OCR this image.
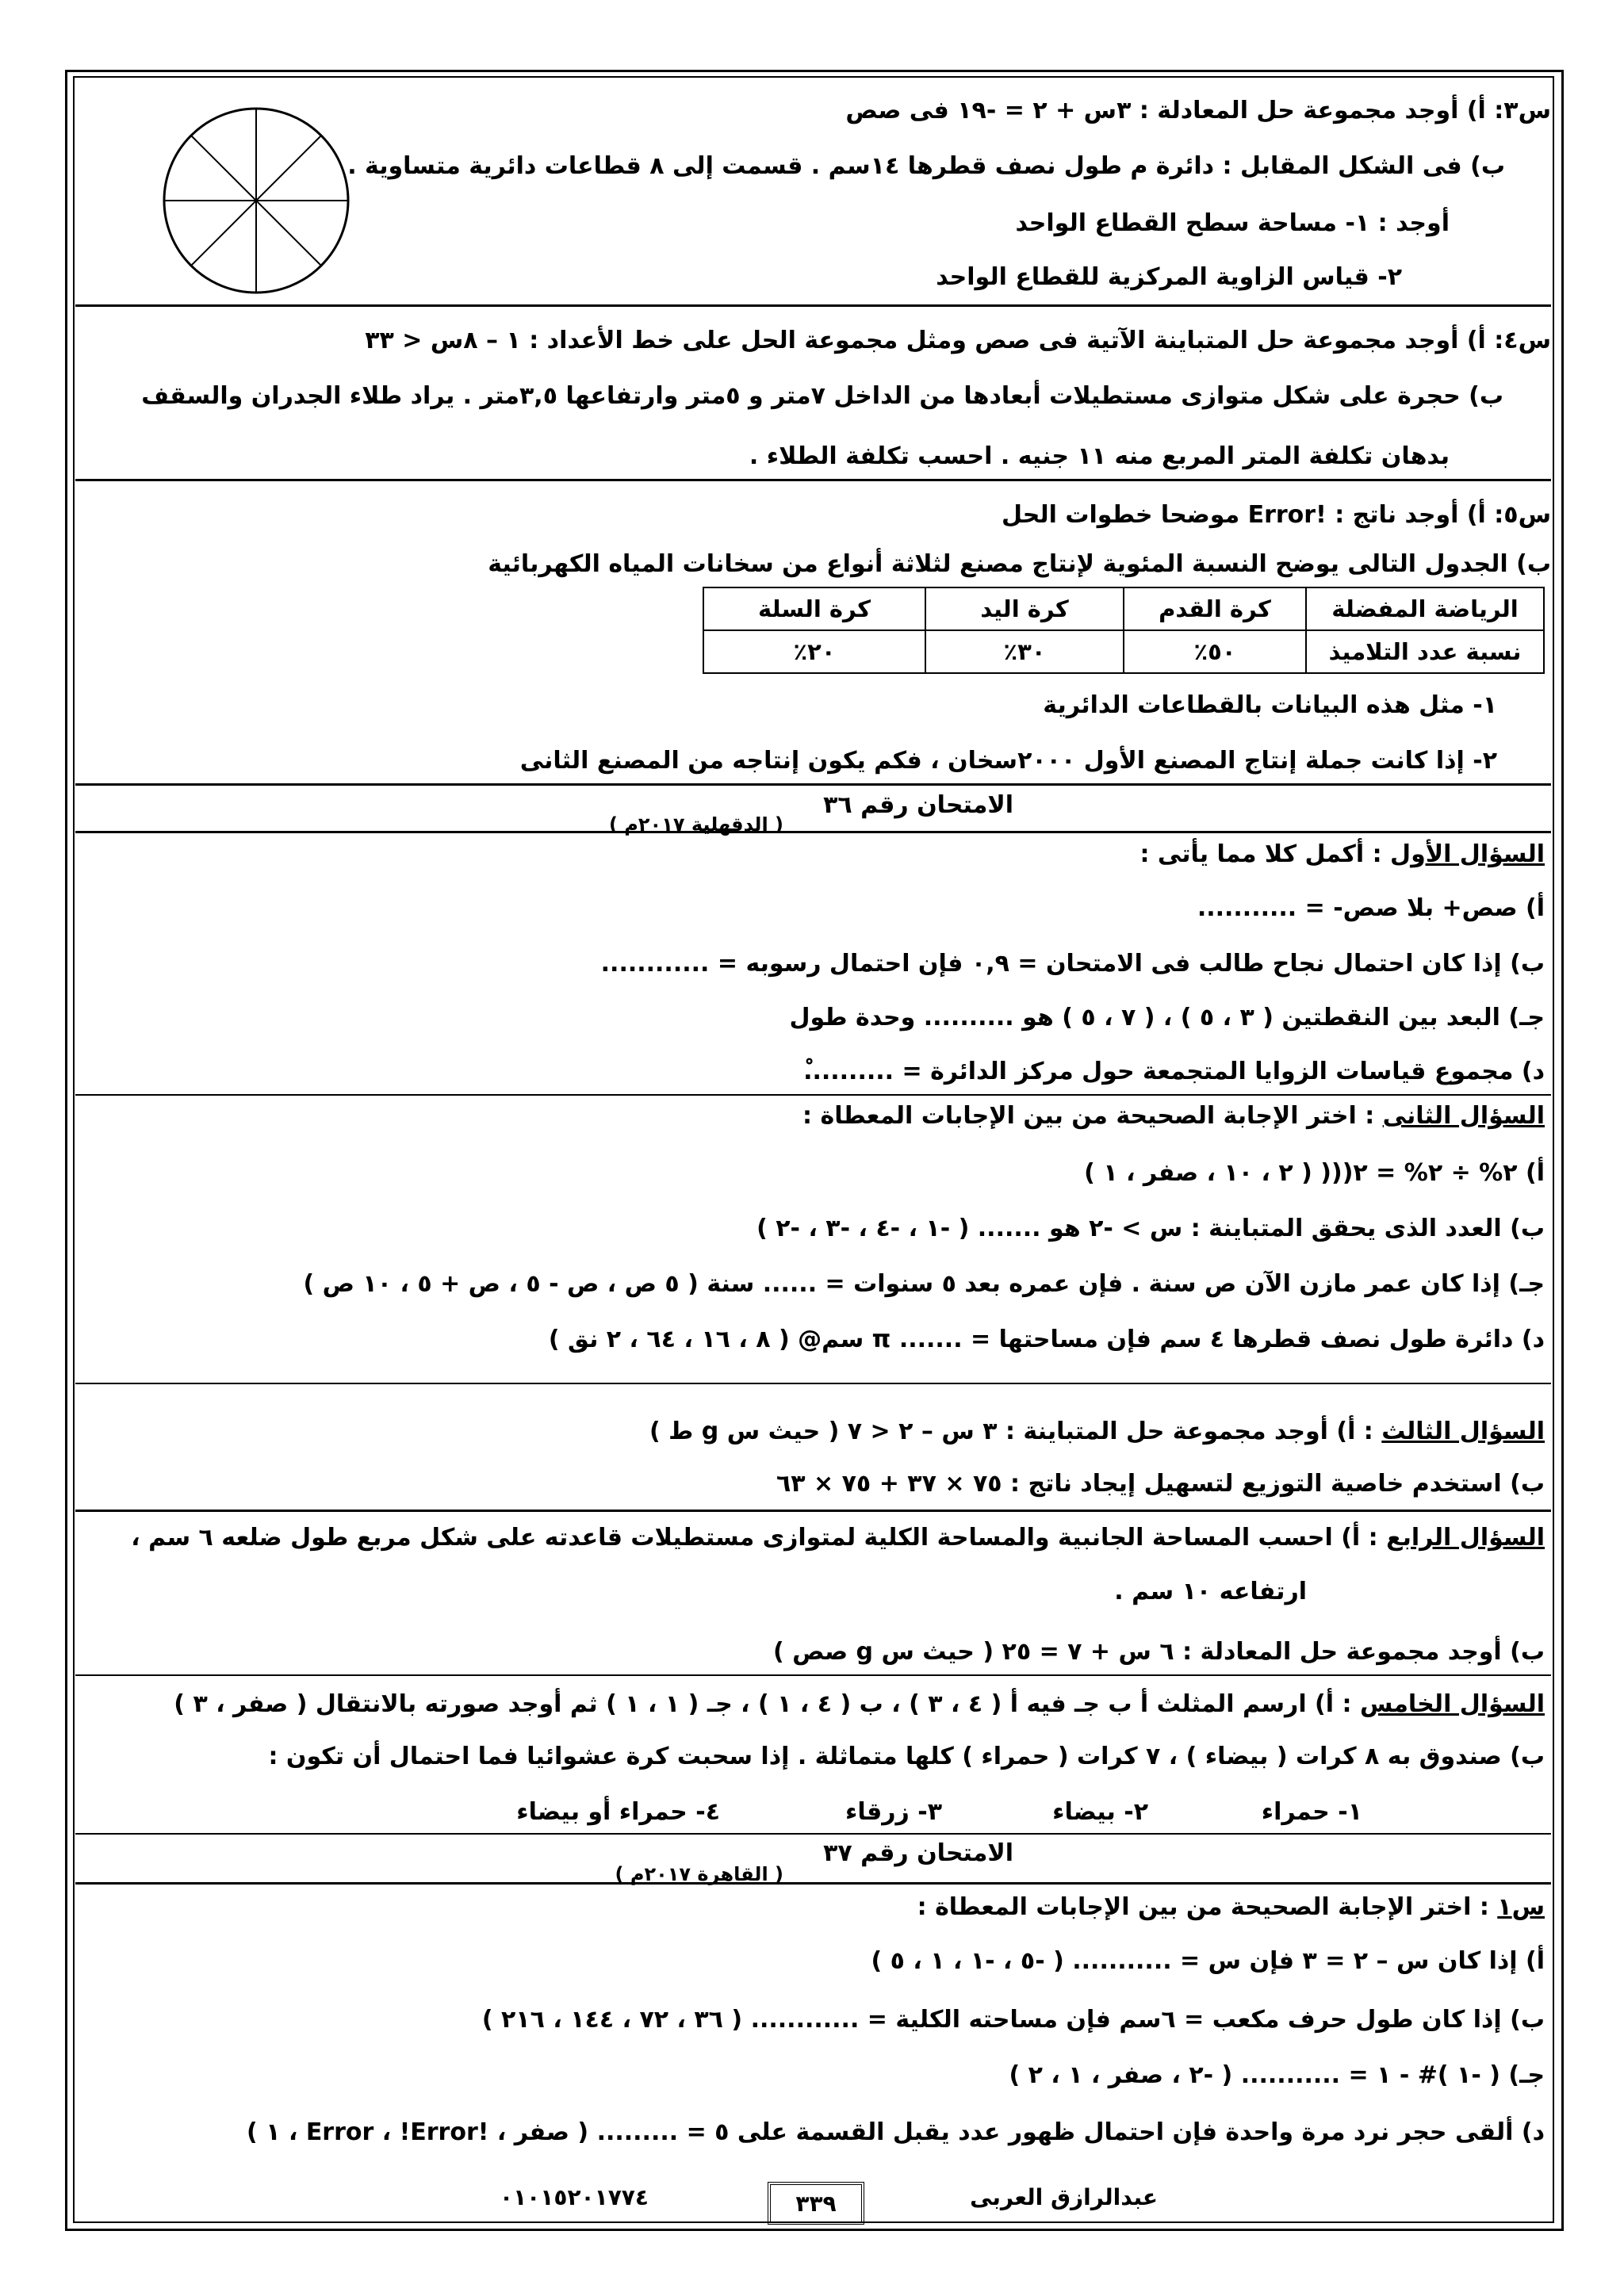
س٣: أ) أوجد مجموعة حل المعادلة : ٣س + ٢ = -١٩ فى صص
ب) فى الشكل المقابل : دائرة م طول نصف قطرها ١٤سم . قسمت إلى ٨ قطاعات دائرية متساوية .
أوجد : ١- مساحة سطح القطاع الواحد
٢- قياس الزاوية المركزية للقطاع الواحد
س٤: أ) أوجد مجموعة حل المتباينة الآتية فى صص ومثل مجموعة الحل على خط الأعداد : ١ – ٨س < ٣٣
ب) حجرة على شكل متوازى مستطيلات أبعادها من الداخل ٧متر و ٥متر وارتفاعها ٣,٥متر . يراد طلاء الجدران والسقف
بدهان تكلفة المتر المربع منه ١١ جنيه . احسب تكلفة الطلاء .
س٥: أ) أوجد ناتج : !Error موضحا خطوات الحل
ب) الجدول التالى يوضح النسبة المئوية لإنتاج مصنع لثلاثة أنواع من سخانات المياه الكهربائية
الرياضة المفضلة	كرة القدم	كرة اليد	كرة السلة
نسبة عدد التلاميذ	٥٠٪	٣٠٪	٢٠٪
١- مثل هذه البيانات بالقطاعات الدائرية
٢- إذا كانت جملة إنتاج المصنع الأول ٢٠٠٠سخان ، فكم يكون إنتاجه من المصنع الثانى
الامتحان رقم ٣٦
( الدقهلية ٢٠١٧م )
السؤال الأول : أكمل كلا مما يأتى :
أ) صص+ بلا صص- = ...........
ب) إذا كان احتمال نجاح طالب فى الامتحان = ٠,٩ فإن احتمال رسوبه = ............
جـ) البعد بين النقطتين ( ٣ ، ٥ ) ، ( ٧ ، ٥ ) هو .......... وحدة طول
د) مجموع قياسات الزوايا المتجمعة حول مركز الدائرة = ..........ْ
السؤال الثانى : اختر الإجابة الصحيحة من بين الإجابات المعطاة :
أ) ٢% ÷ ٢% = ٢((( ( ٢ ، ١٠ ، صفر ، ١ )
ب) العدد الذى يحقق المتباينة : س > -٢ هو ....... ( -١ ، -٤ ، -٣ ، -٢ )
جـ) إذا كان عمر مازن الآن ص سنة . فإن عمره بعد ٥ سنوات = ...... سنة ( ٥ ص ، ص - ٥ ، ص + ٥ ، ١٠ ص )
د) دائرة طول نصف قطرها ٤ سم فإن مساحتها = ....... π سم@ ( ٨ ، ١٦ ، ٦٤ ، ٢ نق )
السؤال الثالث : أ) أوجد مجموعة حل المتباينة : ٣ س – ٢ < ٧ ( حيث س g ط )
ب) استخدم خاصية التوزيع لتسهيل إيجاد ناتج : ٧٥ × ٣٧ + ٧٥ × ٦٣
السؤال الرابع : أ) احسب المساحة الجانبية والمساحة الكلية لمتوازى مستطيلات قاعدته على شكل مربع طول ضلعه ٦ سم ،
ارتفاعه ١٠ سم .
ب) أوجد مجموعة حل المعادلة : ٦ س + ٧ = ٢٥ ( حيث س g صص )
السؤال الخامس : أ) ارسم المثلث أ ب جـ فيه أ ( ٤ ، ٣ ) ، ب ( ٤ ، ١ ) ، جـ ( ١ ، ١ ) ثم أوجد صورته بالانتقال ( صفر ، ٣ )
ب) صندوق به ٨ كرات ( بيضاء ) ، ٧ كرات ( حمراء ) كلها متماثلة . إذا سحبت كرة عشوائيا فما احتمال أن تكون :
١- حمراء
٢- بيضاء
٣- زرقاء
٤- حمراء أو بيضاء
الامتحان رقم ٣٧
( القاهرة ٢٠١٧م )
س١ : اختر الإجابة الصحيحة من بين الإجابات المعطاة :
أ) إذا كان س – ٢ = ٣ فإن س = ........... ( -٥ ، -١ ، ١ ، ٥ )
ب) إذا كان طول حرف مكعب = ٦سم فإن مساحته الكلية = ............ ( ٣٦ ، ٧٢ ، ١٤٤ ، ٢١٦ )
جـ) ( -١ )# - ١ = ........... ( -٢ ، صفر ، ١ ، ٢ )
د) ألقى حجر نرد مرة واحدة فإن احتمال ظهور عدد يقبل القسمة على ٥ = ......... ( صفر ، !Error ، !Error ، ١ )
عبدالرازق العربى
٣٣٩
٠١٠١٥٢٠١٧٧٤
